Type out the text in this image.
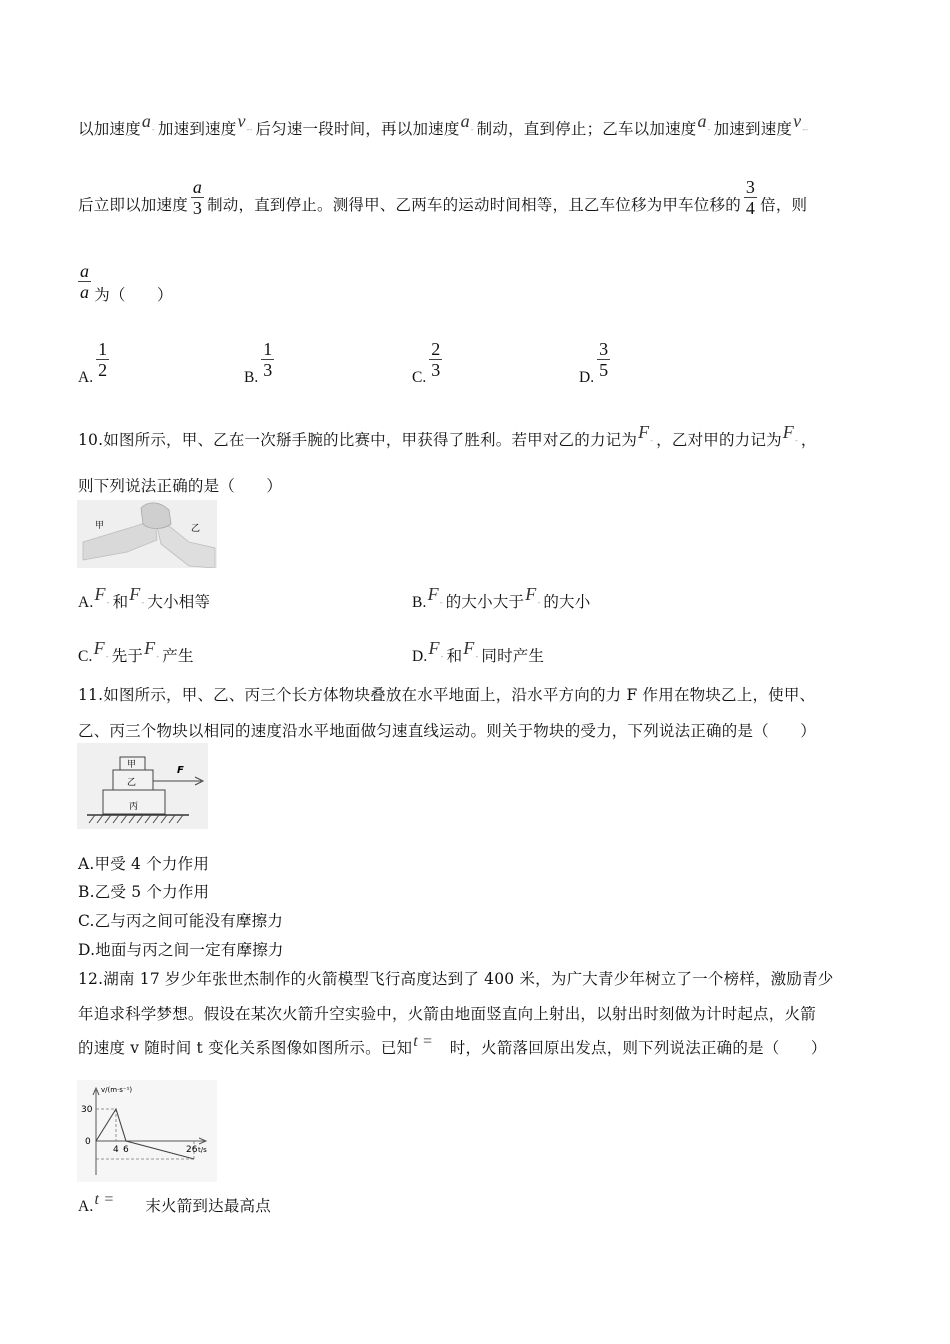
以加速度a- 加速到速度v-- 后匀速一段时间，再以加速度a- 制动，直到停止；乙车以加速度a- 加速到速度v--
后立即以加速度 $\frac{a}{3}$ 制动，直到停止。测得甲、乙两车的运动时间相等，且乙车位移为甲车位移的 $\frac{3}{4}$ 倍，则
$\frac{a}{a}$ 为（　　）
A. $\frac{1}{2}$	B. $\frac{1}{3}$	C. $\frac{2}{3}$	D. $\frac{3}{5}$
10.如图所示，甲、乙在一次掰手腕的比赛中，甲获得了胜利。若甲对乙的力记为F- ，乙对甲的力记为F- ，
则下列说法正确的是（　　）
甲	乙
A.F- 和F- 大小相等	B.F- 的大小大于F- 的大小
C.F- 先于F- 产生	D.F- 和F- 同时产生
11.如图所示，甲、乙、丙三个长方体物块叠放在水平地面上，沿水平方向的力 F 作用在物块乙上，使甲、
乙、丙三个物块以相同的速度沿水平地面做匀速直线运动。则关于物块的受力，下列说法正确的是（　　）
甲
乙
丙
F
A.甲受 4 个力作用
B.乙受 5 个力作用
C.乙与丙之间可能没有摩擦力
D.地面与丙之间一定有摩擦力
12.湖南 17 岁少年张世杰制作的火箭模型飞行高度达到了 400 米，为广大青少年树立了一个榜样，激励青少
年追求科学梦想。假设在某次火箭升空实验中，火箭由地面竖直向上射出，以射出时刻做为计时起点，火箭
的速度 v 随时间 t 变化关系图像如图所示。已知t =　 时，火箭落回原出发点，则下列说法正确的是（　　）
v/(m·s⁻¹)
30
0
4 6	26 t/s
A.t = 末火箭到达最高点
